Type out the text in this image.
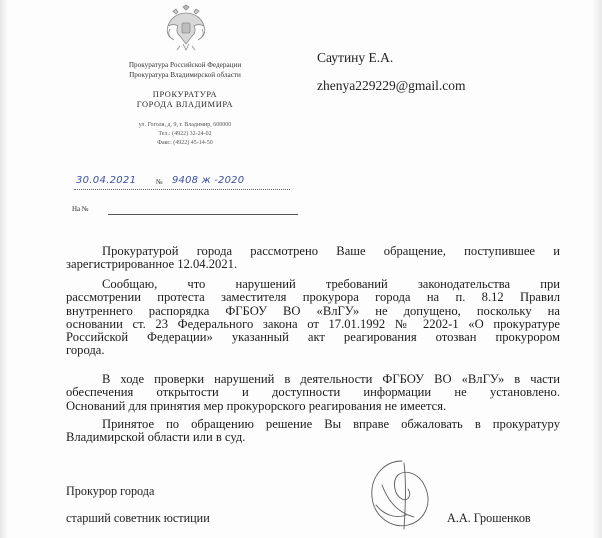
Прокуратура Российской Федерации
Прокуратура Владимирской области
ПРОКУРАТУРА
ГОРОДА ВЛАДИМИРА
ул. Гоголя, д. 9, г. Владимир, 600000
Тел.: (4922) 32-24-02
Факс: (4922) 45-14-50
Саутину Е.А.
zhenya229229@gmail.com
30.04.2021	№ 9408 ж -2020
На №
Прокуратурой города рассмотрено Ваше обращение, поступившее и
зарегистрированное 12.04.2021.
Сообщаю, что нарушений требований законодательства при
рассмотрении протеста заместителя прокурора города на п. 8.12 Правил
внутреннего распорядка ФГБОУ ВО «ВлГУ» не допущено, поскольку на
основании ст. 23 Федерального закона от 17.01.1992 № 2202-1 «О прокуратуре
Российской Федерации» указанный акт реагирования отозван прокурором
города.
В ходе проверки нарушений в деятельности ФГБОУ ВО «ВлГУ» в части
обеспечения открытости и доступности информации не установлено.
Оснований для принятия мер прокурорского реагирования не имеется.
Принятое по обращению решение Вы вправе обжаловать в прокуратуру
Владимирской области или в суд.
Прокурор города
старший советник юстиции	А.А. Грошенков
